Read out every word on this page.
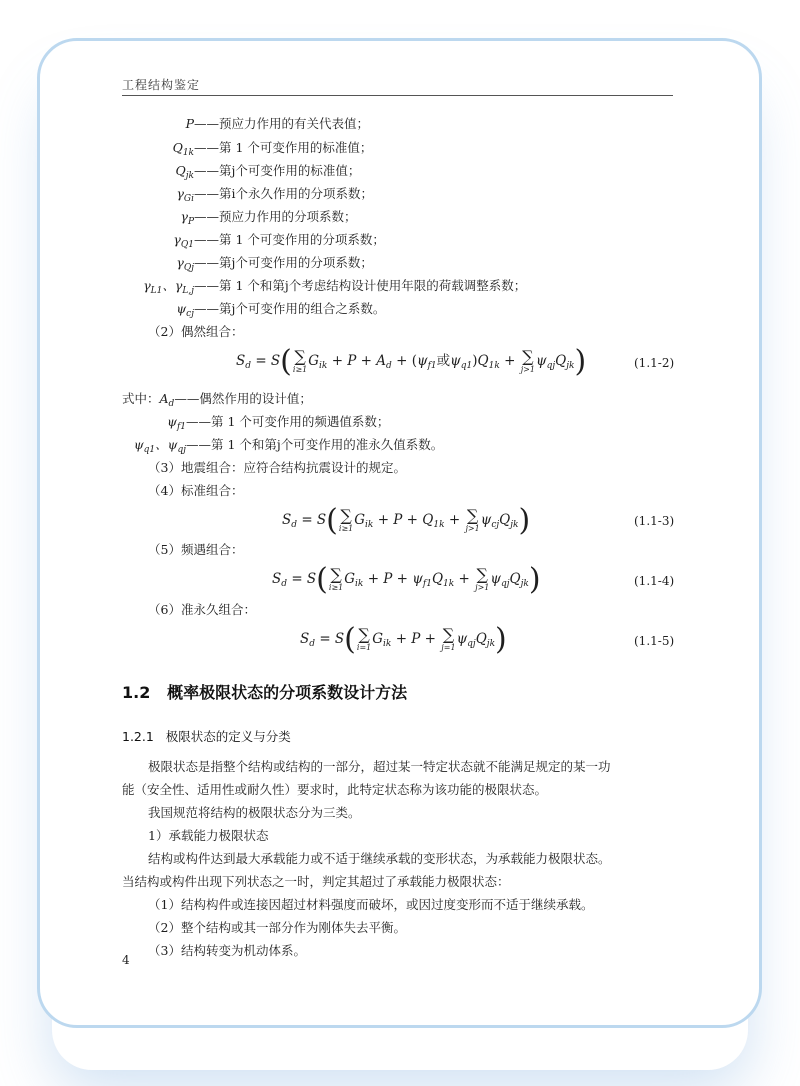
工程结构鉴定
P——预应力作用的有关代表值；
$Q_{1k}——$第 1 个可变作用的标准值；
$Q_{jk}——$第j个可变作用的标准值；
$\gamma_{Gi}——$第i个永久作用的分项系数；
$\gamma_P——$预应力作用的分项系数；
$\gamma_{Q1}——$第 1 个可变作用的分项系数；
$\gamma_{Qj}——$第j个可变作用的分项系数；
$\gamma_{L1}$、$\gamma_{L,j}——$第 1 个和第j个考虑结构设计使用年限的荷载调整系数；
$\psi_{cj}——$第j个可变作用的组合之系数。
（2）偶然组合：
$S_d = S$( ∑
i≥1
$G_{ik} + P + A_d + (\psi_{f1}$或$\psi_{q1})Q_{1k}$ + ∑
j>1
$\psi_{qj}Q_{jk}$)	(1.1-2)
式中：$A_d——$偶然作用的设计值；
$\psi_{f1}——$第 1 个可变作用的频遇值系数；
$\psi_{q1}$、$\psi_{qj}——$第 1 个和第j个可变作用的准永久值系数。
（3）地震组合：应符合结构抗震设计的规定。
（4）标准组合：
$S_d = S$( ∑
i≥1
$G_{ik} + P + Q_{1k}$ + ∑
j>1
$\psi_{cj}Q_{jk}$)	(1.1-3)
（5）频遇组合：
$S_d = S$( ∑
i≥1
$G_{ik} + P + \psi_{f1}Q_{1k}$ + ∑
j>1
$\psi_{qj}Q_{jk}$)	(1.1-4)
（6）准永久组合：
$S_d = S$( ∑
i=1
$G_{ik} + P$ + ∑
j=1
$\psi_{qj}Q_{jk}$)	(1.1-5)
1.2 概率极限状态的分项系数设计方法
1.2.1 极限状态的定义与分类
极限状态是指整个结构或结构的一部分，超过某一特定状态就不能满足规定的某一功
能（安全性、适用性或耐久性）要求时，此特定状态称为该功能的极限状态。
我国规范将结构的极限状态分为三类。
1）承载能力极限状态
结构或构件达到最大承载能力或不适于继续承载的变形状态，为承载能力极限状态。
当结构或构件出现下列状态之一时，判定其超过了承载能力极限状态：
（1）结构构件或连接因超过材料强度而破坏，或因过度变形而不适于继续承载。
（2）整个结构或其一部分作为刚体失去平衡。
（3）结构转变为机动体系。
4
